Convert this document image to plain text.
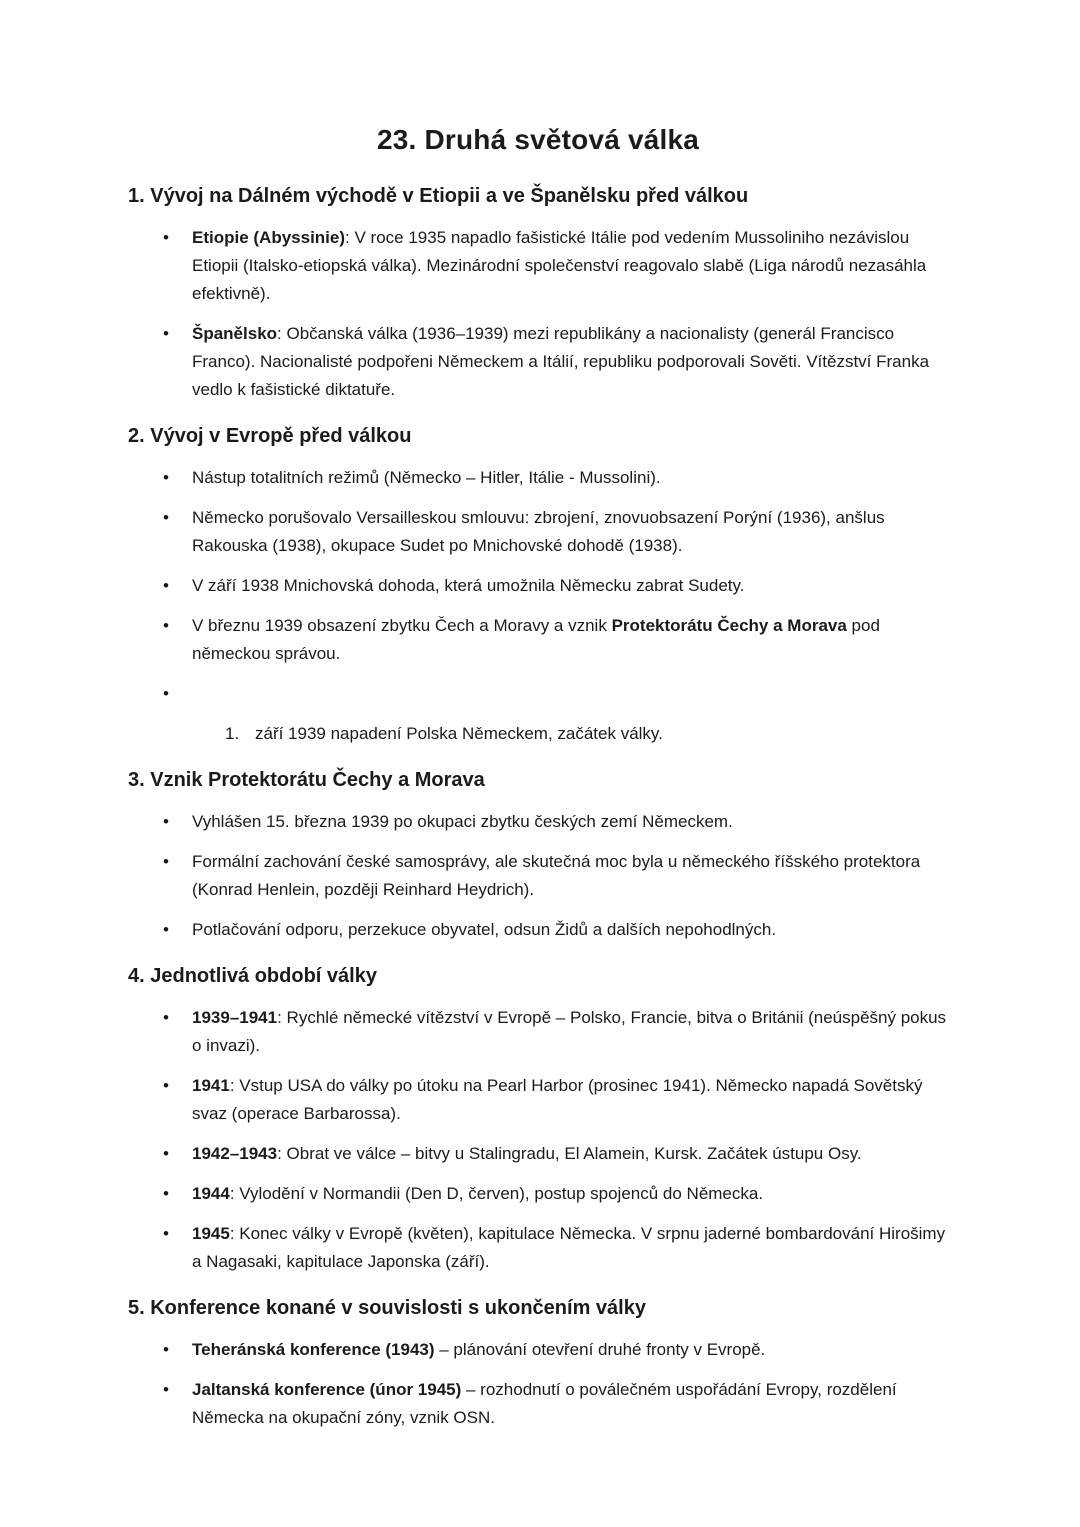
23. Druhá světová válka
1. Vývoj na Dálném východě v Etiopii a ve Španělsku před válkou
•	Etiopie (Abyssinie): V roce 1935 napadlo fašistické Itálie pod vedením Mussoliniho nezávislou Etiopii (Italsko-etiopská válka). Mezinárodní společenství reagovalo slabě (Liga národů nezasáhla efektivně).
•	Španělsko: Občanská válka (1936–1939) mezi republikány a nacionalisty (generál Francisco Franco). Nacionalisté podpořeni Německem a Itálií, republiku podporovali Sověti. Vítězství Franka vedlo k fašistické diktatuře.
2. Vývoj v Evropě před válkou
•	Nástup totalitních režimů (Německo – Hitler, Itálie - Mussolini).
•	Německo porušovalo Versailleskou smlouvu: zbrojení, znovuobsazení Porýní (1936), anšlus Rakouska (1938), okupace Sudet po Mnichovské dohodě (1938).
•	V září 1938 Mnichovská dohoda, která umožnila Německu zabrat Sudety.
•	V březnu 1939 obsazení zbytku Čech a Moravy a vznik Protektorátu Čechy a Morava pod německou správou.
•
1. září 1939 napadení Polska Německem, začátek války.
3. Vznik Protektorátu Čechy a Morava
•	Vyhlášen 15. března 1939 po okupaci zbytku českých zemí Německem.
•	Formální zachování české samosprávy, ale skutečná moc byla u německého říšského protektora (Konrad Henlein, později Reinhard Heydrich).
•	Potlačování odporu, perzekuce obyvatel, odsun Židů a dalších nepohodlných.
4. Jednotlivá období války
•	1939–1941: Rychlé německé vítězství v Evropě – Polsko, Francie, bitva o Británii (neúspěšný pokus o invazi).
•	1941: Vstup USA do války po útoku na Pearl Harbor (prosinec 1941). Německo napadá Sovětský svaz (operace Barbarossa).
•	1942–1943: Obrat ve válce – bitvy u Stalingradu, El Alamein, Kursk. Začátek ústupu Osy.
•	1944: Vylodění v Normandii (Den D, červen), postup spojenců do Německa.
•	1945: Konec války v Evropě (květen), kapitulace Německa. V srpnu jaderné bombardování Hirošimy a Nagasaki, kapitulace Japonska (září).
5. Konference konané v souvislosti s ukončením války
•	Teheránská konference (1943) – plánování otevření druhé fronty v Evropě.
•	Jaltanská konference (únor 1945) – rozhodnutí o poválečném uspořádání Evropy, rozdělení Německa na okupační zóny, vznik OSN.
